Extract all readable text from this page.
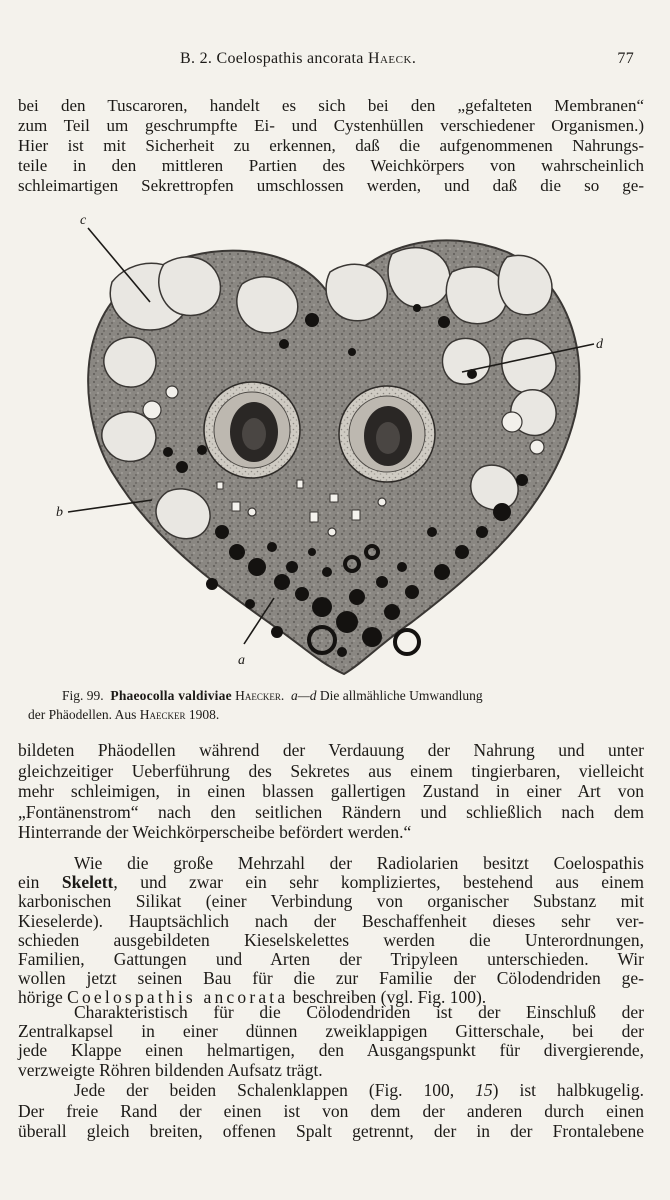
B. 2. Coelospathis ancorata Haeck.	77
bei den Tuscaroren, handelt es sich bei den „gefalteten Membranen“
zum Teil um geschrumpfte Ei- und Cystenhüllen verschiedener Organismen.)
Hier ist mit Sicherheit zu erkennen, daß die aufgenommenen Nahrungs-
teile in den mittleren Partien des Weichkörpers von wahrscheinlich
schleimartigen Sekrettropfen umschlossen werden, und daß die so ge-
c
b
a
d
Fig. 99. Phaeocolla valdiviae Haecker. a—d Die allmähliche Umwandlung
der Phäodellen. Aus Haecker 1908.
bildeten Phäodellen während der Verdauung der Nahrung und unter
gleichzeitiger Ueberführung des Sekretes aus einem tingierbaren, vielleicht
mehr schleimigen, in einen blassen gallertigen Zustand in einer Art von
„Fontänenstrom“ nach den seitlichen Rändern und schließlich nach dem
Hinterrande der Weichkörperscheibe befördert werden.“
Wie die große Mehrzahl der Radiolarien besitzt Coelospathis
ein Skelett, und zwar ein sehr kompliziertes, bestehend aus einem
karbonischen Silikat (einer Verbindung von organischer Substanz mit
Kieselerde). Hauptsächlich nach der Beschaffenheit dieses sehr ver-
schieden ausgebildeten Kieselskelettes werden die Unterordnungen,
Familien, Gattungen und Arten der Tripyleen unterschieden. Wir
wollen jetzt seinen Bau für die zur Familie der Cölodendriden ge-
hörige Coelospathis ancorata beschreiben (vgl. Fig. 100).
Charakteristisch für die Cölodendriden ist der Einschluß der
Zentralkapsel in einer dünnen zweiklappigen Gitterschale, bei der
jede Klappe einen helmartigen, den Ausgangspunkt für divergierende,
verzweigte Röhren bildenden Aufsatz trägt.
Jede der beiden Schalenklappen (Fig. 100, 15) ist halbkugelig.
Der freie Rand der einen ist von dem der anderen durch einen
überall gleich breiten, offenen Spalt getrennt, der in der Frontalebene
